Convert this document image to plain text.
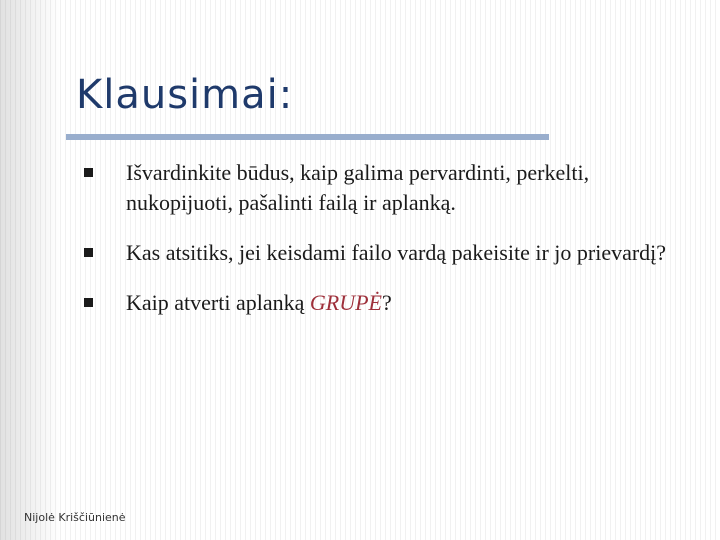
Klausimai:
Išvardinkite būdus, kaip galima pervardinti, perkelti, nukopijuoti, pašalinti failą ir aplanką.
Kas atsitiks, jei keisdami failo vardą pakeisite ir jo prievardį?
Kaip atverti aplanką GRUPĖ?
Nijolė Kriščiūnienė
